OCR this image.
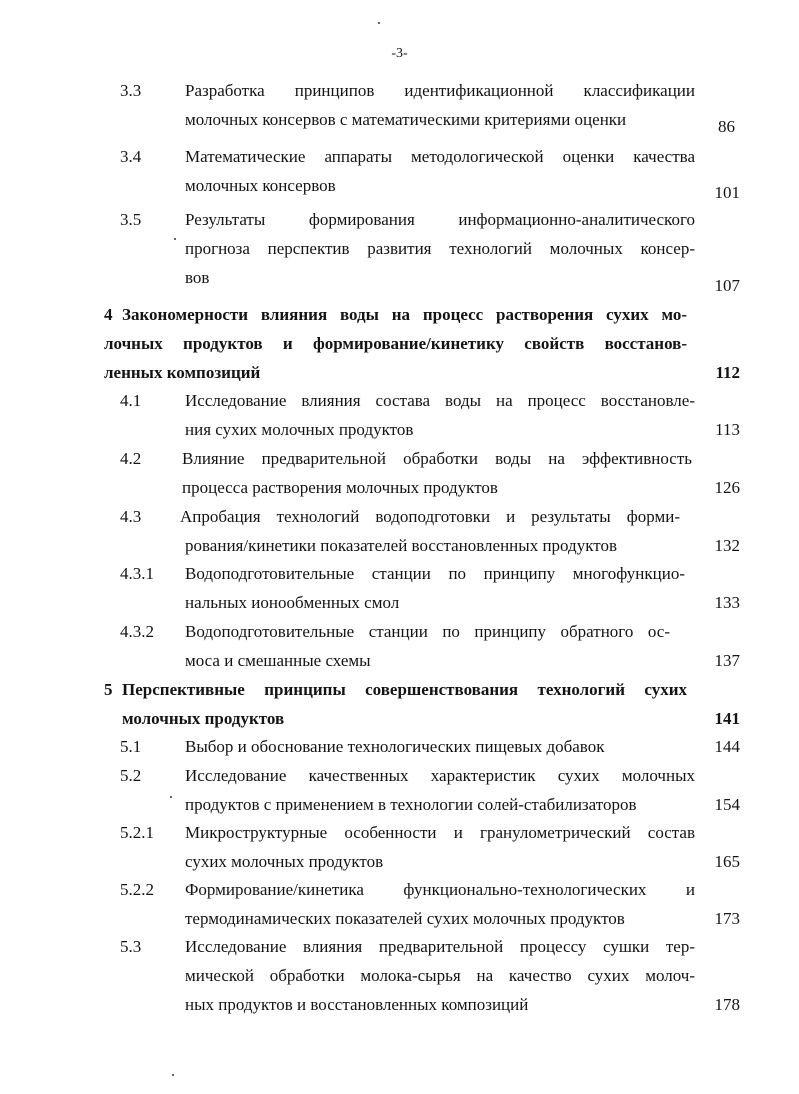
-3-
3.3	Разработка принципов идентификационной классификации
молочных консервов с математическими критериями оценки	86
3.4	Математические аппараты методологической оценки качества
молочных консервов	101
3.5	Результаты формирования информационно-аналитического
прогноза перспектив развития технологий молочных консер-
вов	107
4 Закономерности влияния воды на процесс растворения сухих мо-
лочных продуктов и формирование/кинетику свойств восстанов-
ленных композиций	112
4.1	Исследование влияния состава воды на процесс восстановле-
ния сухих молочных продуктов	113
4.2 Влияние предварительной обработки воды на эффективность
процесса растворения молочных продуктов	126
4.3 Апробация технологий водоподготовки и результаты форми-
рования/кинетики показателей восстановленных продуктов	132
4.3.1 Водоподготовительные станции по принципу многофункцио-
нальных ионообменных смол	133
4.3.2 Водоподготовительные станции по принципу обратного ос-
моса и смешанные схемы	137
5 Перспективные принципы совершенствования технологий сухих
молочных продуктов	141
5.1	Выбор и обоснование технологических пищевых добавок	144
5.2	Исследование качественных характеристик сухих молочных
продуктов с применением в технологии солей-стабилизаторов	154
5.2.1 Микроструктурные особенности и гранулометрический состав
сухих молочных продуктов	165
5.2.2 Формирование/кинетика функционально-технологических и
термодинамических показателей сухих молочных продуктов	173
5.3	Исследование влияния предварительной процессу сушки тер-
мической обработки молока-сырья на качество сухих молоч-
ных продуктов и восстановленных композиций	178
